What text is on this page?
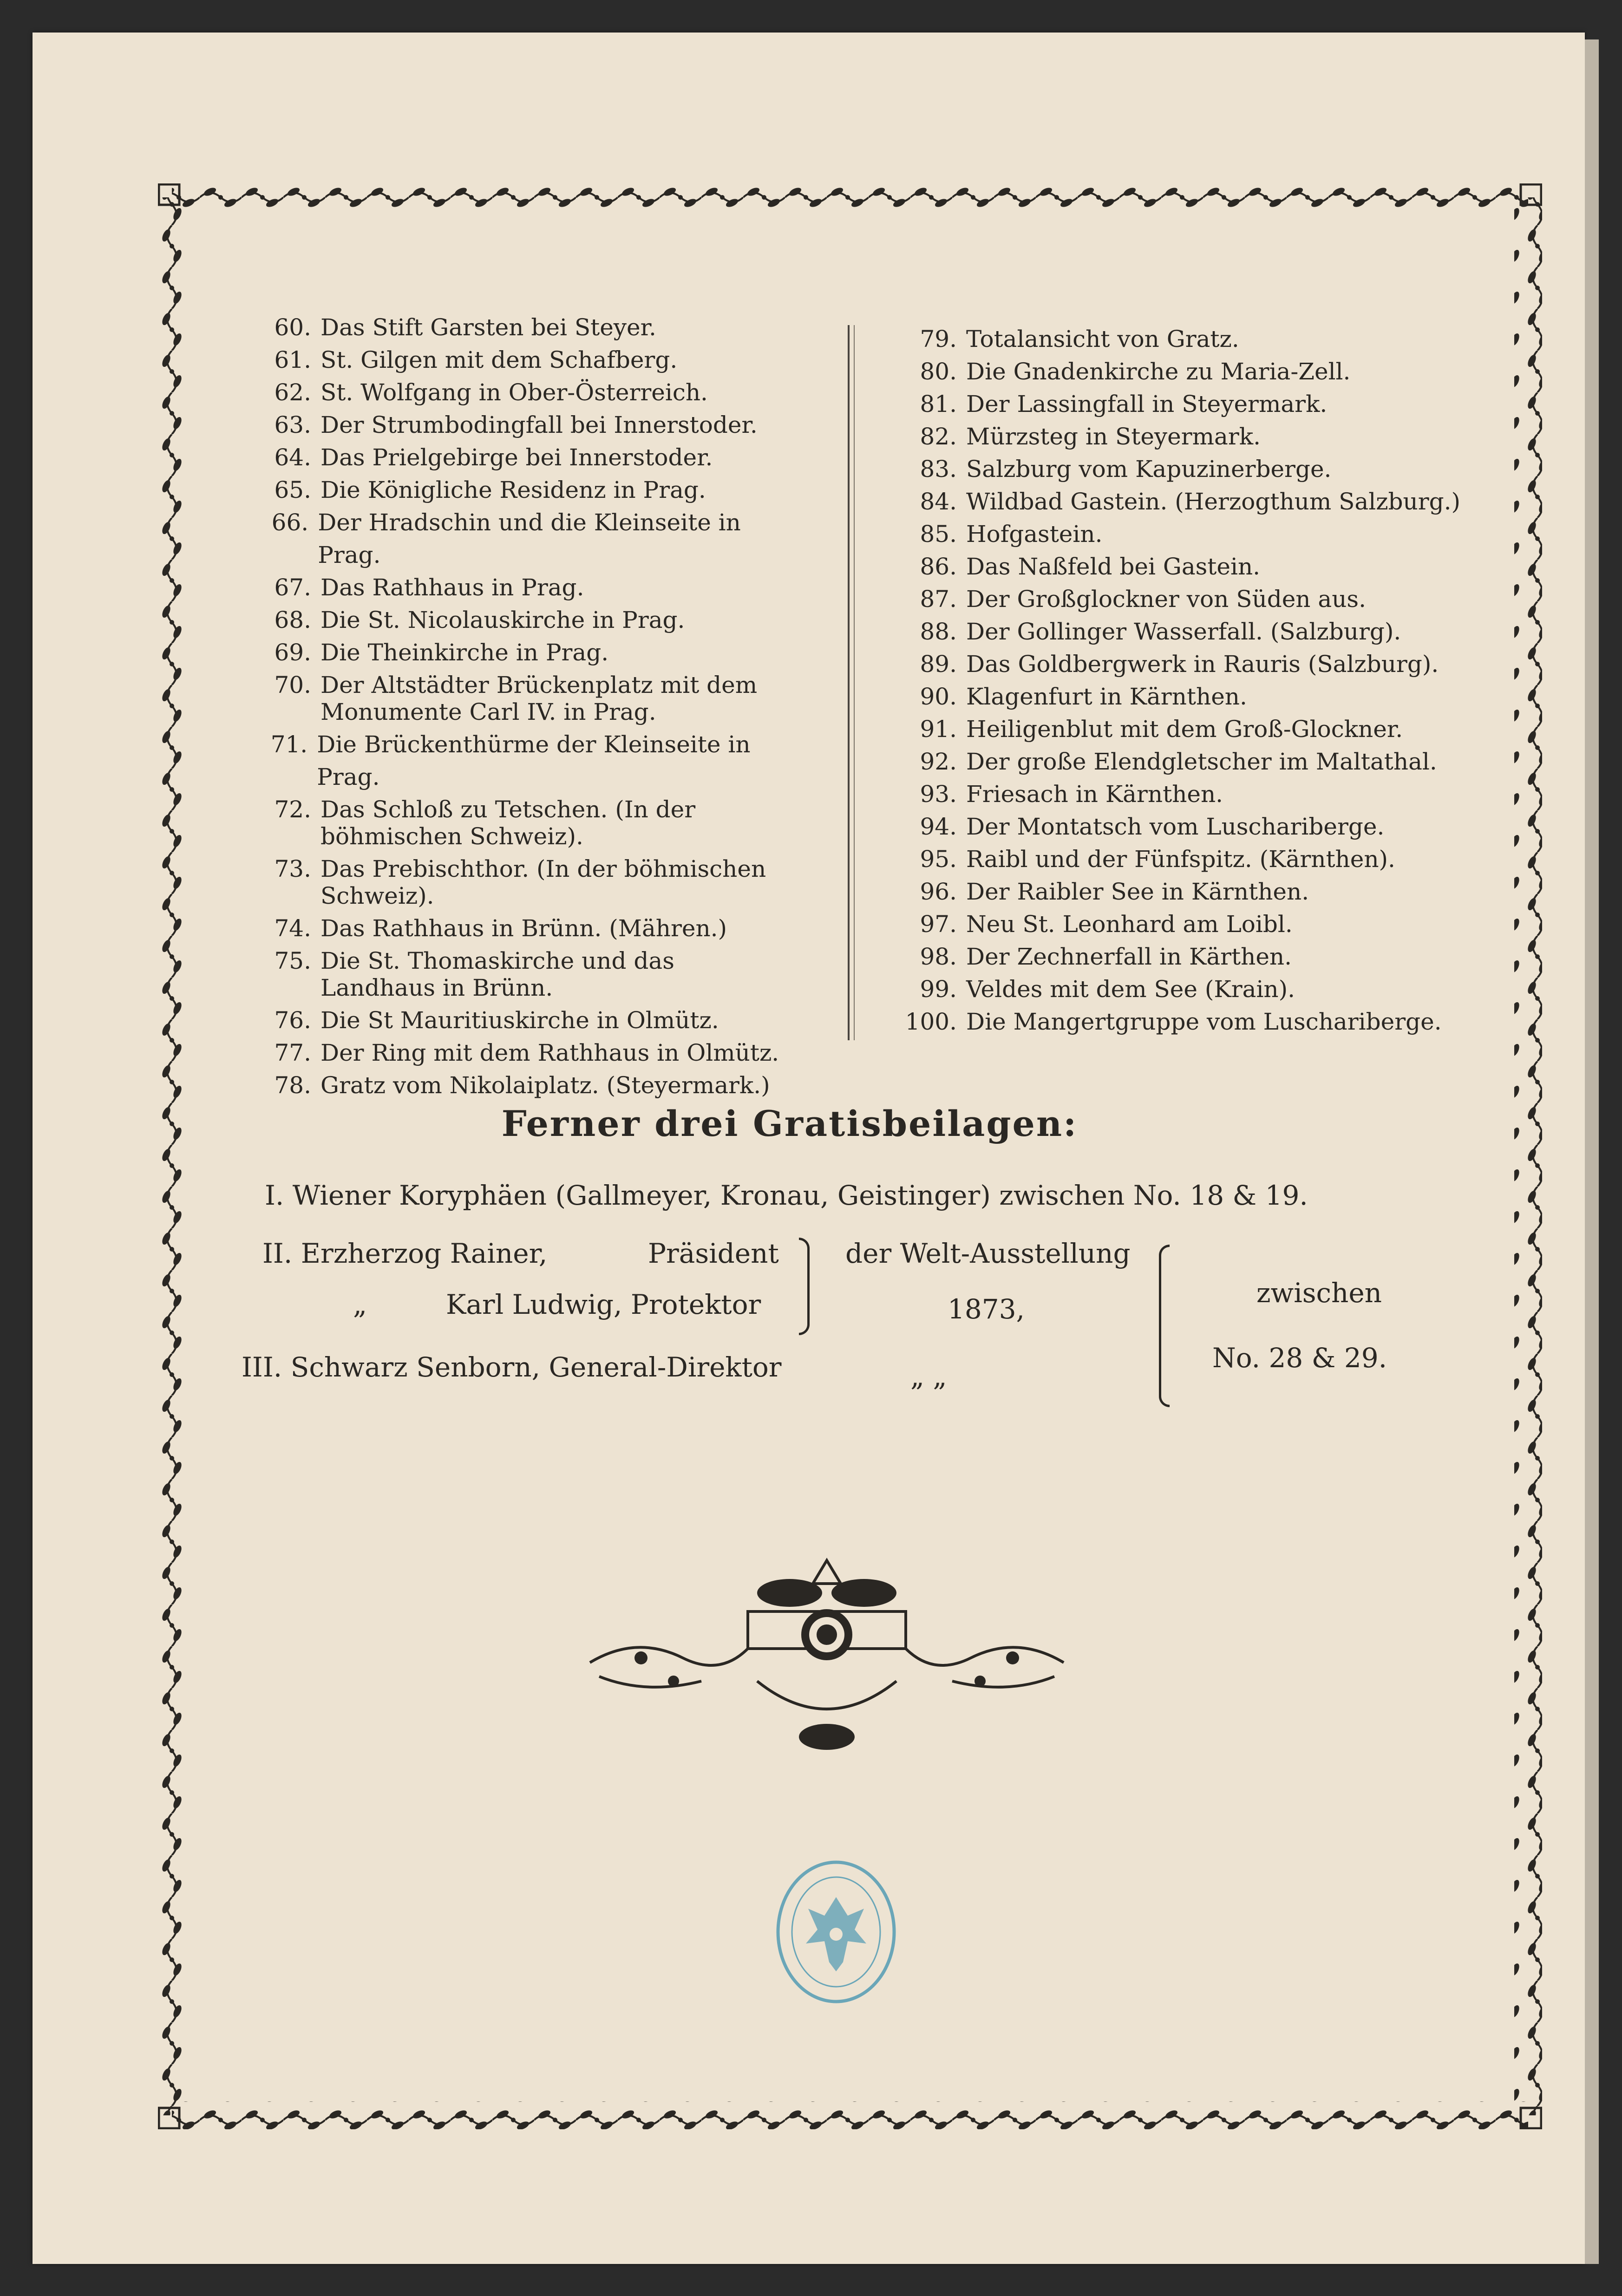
60. Das Stift Garsten bei Steyer.
61. St. Gilgen mit dem Schafberg.
62. St. Wolfgang in Ober-Österreich.
63. Der Strumbodingfall bei Innerstoder.
64. Das Prielgebirge bei Innerstoder.
65. Die Königliche Residenz in Prag.
66. Der Hradschin und die Kleinseite in Prag.
67. Das Rathhaus in Prag.
68. Die St. Nicolauskirche in Prag.
69. Die Theinkirche in Prag.
70. Der Altstädter Brückenplatz mit dem Monumente Carl IV. in Prag.
71. Die Brückenthürme der Kleinseite in Prag.
72. Das Schloß zu Tetschen. (In der böhmischen Schweiz).
73. Das Prebischthor. (In der böhmischen Schweiz).
74. Das Rathhaus in Brünn. (Mähren.)
75. Die St. Thomaskirche und das Landhaus in Brünn.
76. Die St Mauritiuskirche in Olmütz.
77. Der Ring mit dem Rathhaus in Olmütz.
78. Gratz vom Nikolaiplatz. (Steyermark.)
79. Totalansicht von Gratz.
80. Die Gnadenkirche zu Maria-Zell.
81. Der Lassingfall in Steyermark.
82. Mürzsteg in Steyermark.
83. Salzburg vom Kapuzinerberge.
84. Wildbad Gastein. (Herzogthum Salzburg.)
85. Hofgastein.
86. Das Naßfeld bei Gastein.
87. Der Großglockner von Süden aus.
88. Der Gollinger Wasserfall. (Salzburg).
89. Das Goldbergwerk in Rauris (Salzburg).
90. Klagenfurt in Kärnthen.
91. Heiligenblut mit dem Groß-Glockner.
92. Der große Elendgletscher im Maltathal.
93. Friesach in Kärnthen.
94. Der Montatsch vom Luschariberge.
95. Raibl und der Fünfspitz. (Kärnthen).
96. Der Raibler See in Kärnthen.
97. Neu St. Leonhard am Loibl.
98. Der Zechnerfall in Kärthen.
99. Veldes mit dem See (Krain).
100. Die Mangertgruppe vom Luschariberge.
Ferner drei Gratisbeilagen:
I. Wiener Koryphäen (Gallmeyer, Kronau, Geistinger) zwischen No. 18 & 19.
II. Erzherzog Rainer,	Präsident
„	Karl Ludwig, Protektor
III. Schwarz Senborn, General-Direktor
der Welt-Ausstellung
1873,
„ „
zwischen
No. 28 & 29.
